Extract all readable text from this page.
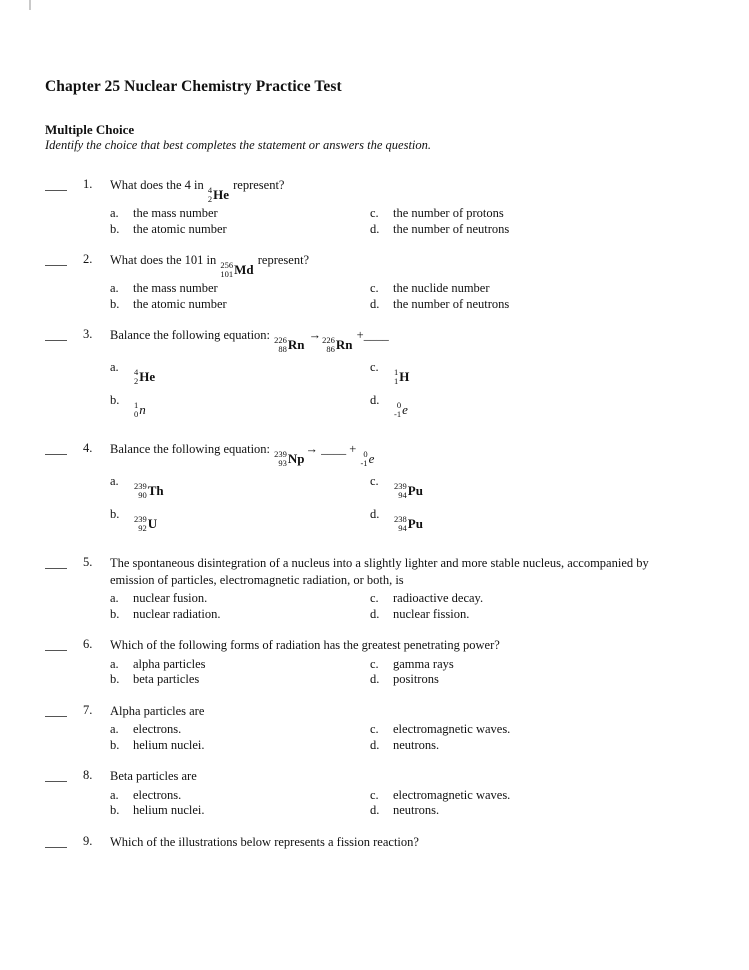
Chapter 25 Nuclear Chemistry Practice Test
Multiple Choice
Identify the choice that best completes the statement or answers the question.
1.	What does the 4 in 4
2 He
represent?
a.	the mass number
b.	the atomic number
c.	the number of protons
d.	the number of neutrons
2.	What does the 101 in 256
101 Md
represent?
a.	the mass number
b.	the atomic number
c.	the nuclide number
d.	the number of neutrons
3.	Balance the following equation: 226
88 Rn
→ 226
86 Rn
+____
a.	4
2 He
b.	1
0 n
c.	1
1 H
d.	0
-1 e
4.	Balance the following equation: 239
93 Np
→ ____ + 0
-1 e
a.	239
90 Th
b.	239
92 U
c.	239
94 Pu
d.	238
94 Pu
5.	The spontaneous disintegration of a nucleus into a slightly lighter and more stable nucleus, accompanied by emission of particles, electromagnetic radiation, or both, is
a.	nuclear fusion.
b.	nuclear radiation.
c.	radioactive decay.
d.	nuclear fission.
6.	Which of the following forms of radiation has the greatest penetrating power?
a.	alpha particles
b.	beta particles
c.	gamma rays
d.	positrons
7.	Alpha particles are
a.	electrons.
b.	helium nuclei.
c.	electromagnetic waves.
d.	neutrons.
8.	Beta particles are
a.	electrons.
b.	helium nuclei.
c.	electromagnetic waves.
d.	neutrons.
9.	Which of the illustrations below represents a fission reaction?
